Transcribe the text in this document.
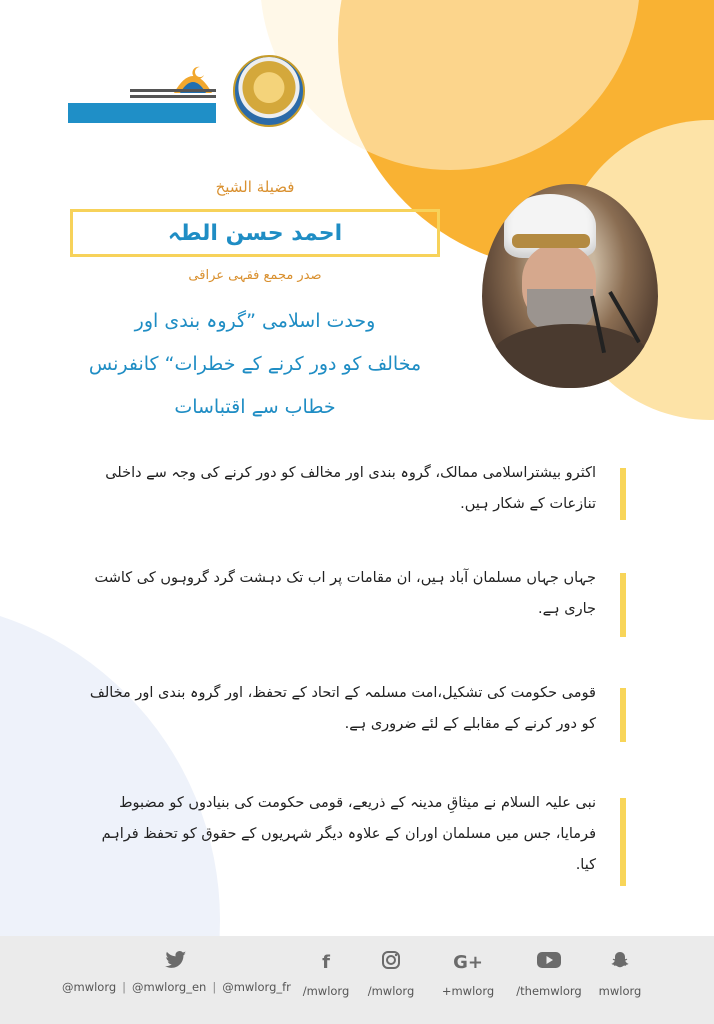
فضیلة الشیخ
احمد حسن الطہ
صدر مجمع فقہی عراقی
وحدت اسلامی ”گروہ بندی اور
مخالف کو دور کرنے کے خطرات“ کانفرنس
خطاب سے اقتباسات
اکثرو بیشتراسلامی ممالک، گروہ بندی اور مخالف کو دور کرنے کی وجہ سے داخلی تنازعات کے شکار ہیں.
جہاں جہاں مسلمان آباد ہیں، ان مقامات پر اب تک دہشت گرد گروہوں کی کاشت جاری ہے.
قومی حکومت کی تشکیل،امت مسلمہ کے اتحاد کے تحفظ، اور گروہ بندی اور مخالف کو دور کرنے کے مقابلے کے لئے ضروری ہے.
نبی علیہ السلام نے میثاقِ مدینہ کے ذریعے، قومی حکومت کی بنیادوں کو مضبوط فرمایا، جس میں مسلمان اوران کے علاوہ دیگر شہریوں کے حقوق کو تحفظ فراہم کیا.
@mwlorg | @mwlorg_en | @mwlorg_fr
f
/mwlorg	/mwlorg
G+
+mwlorg	/themwlorg	mwlorg
